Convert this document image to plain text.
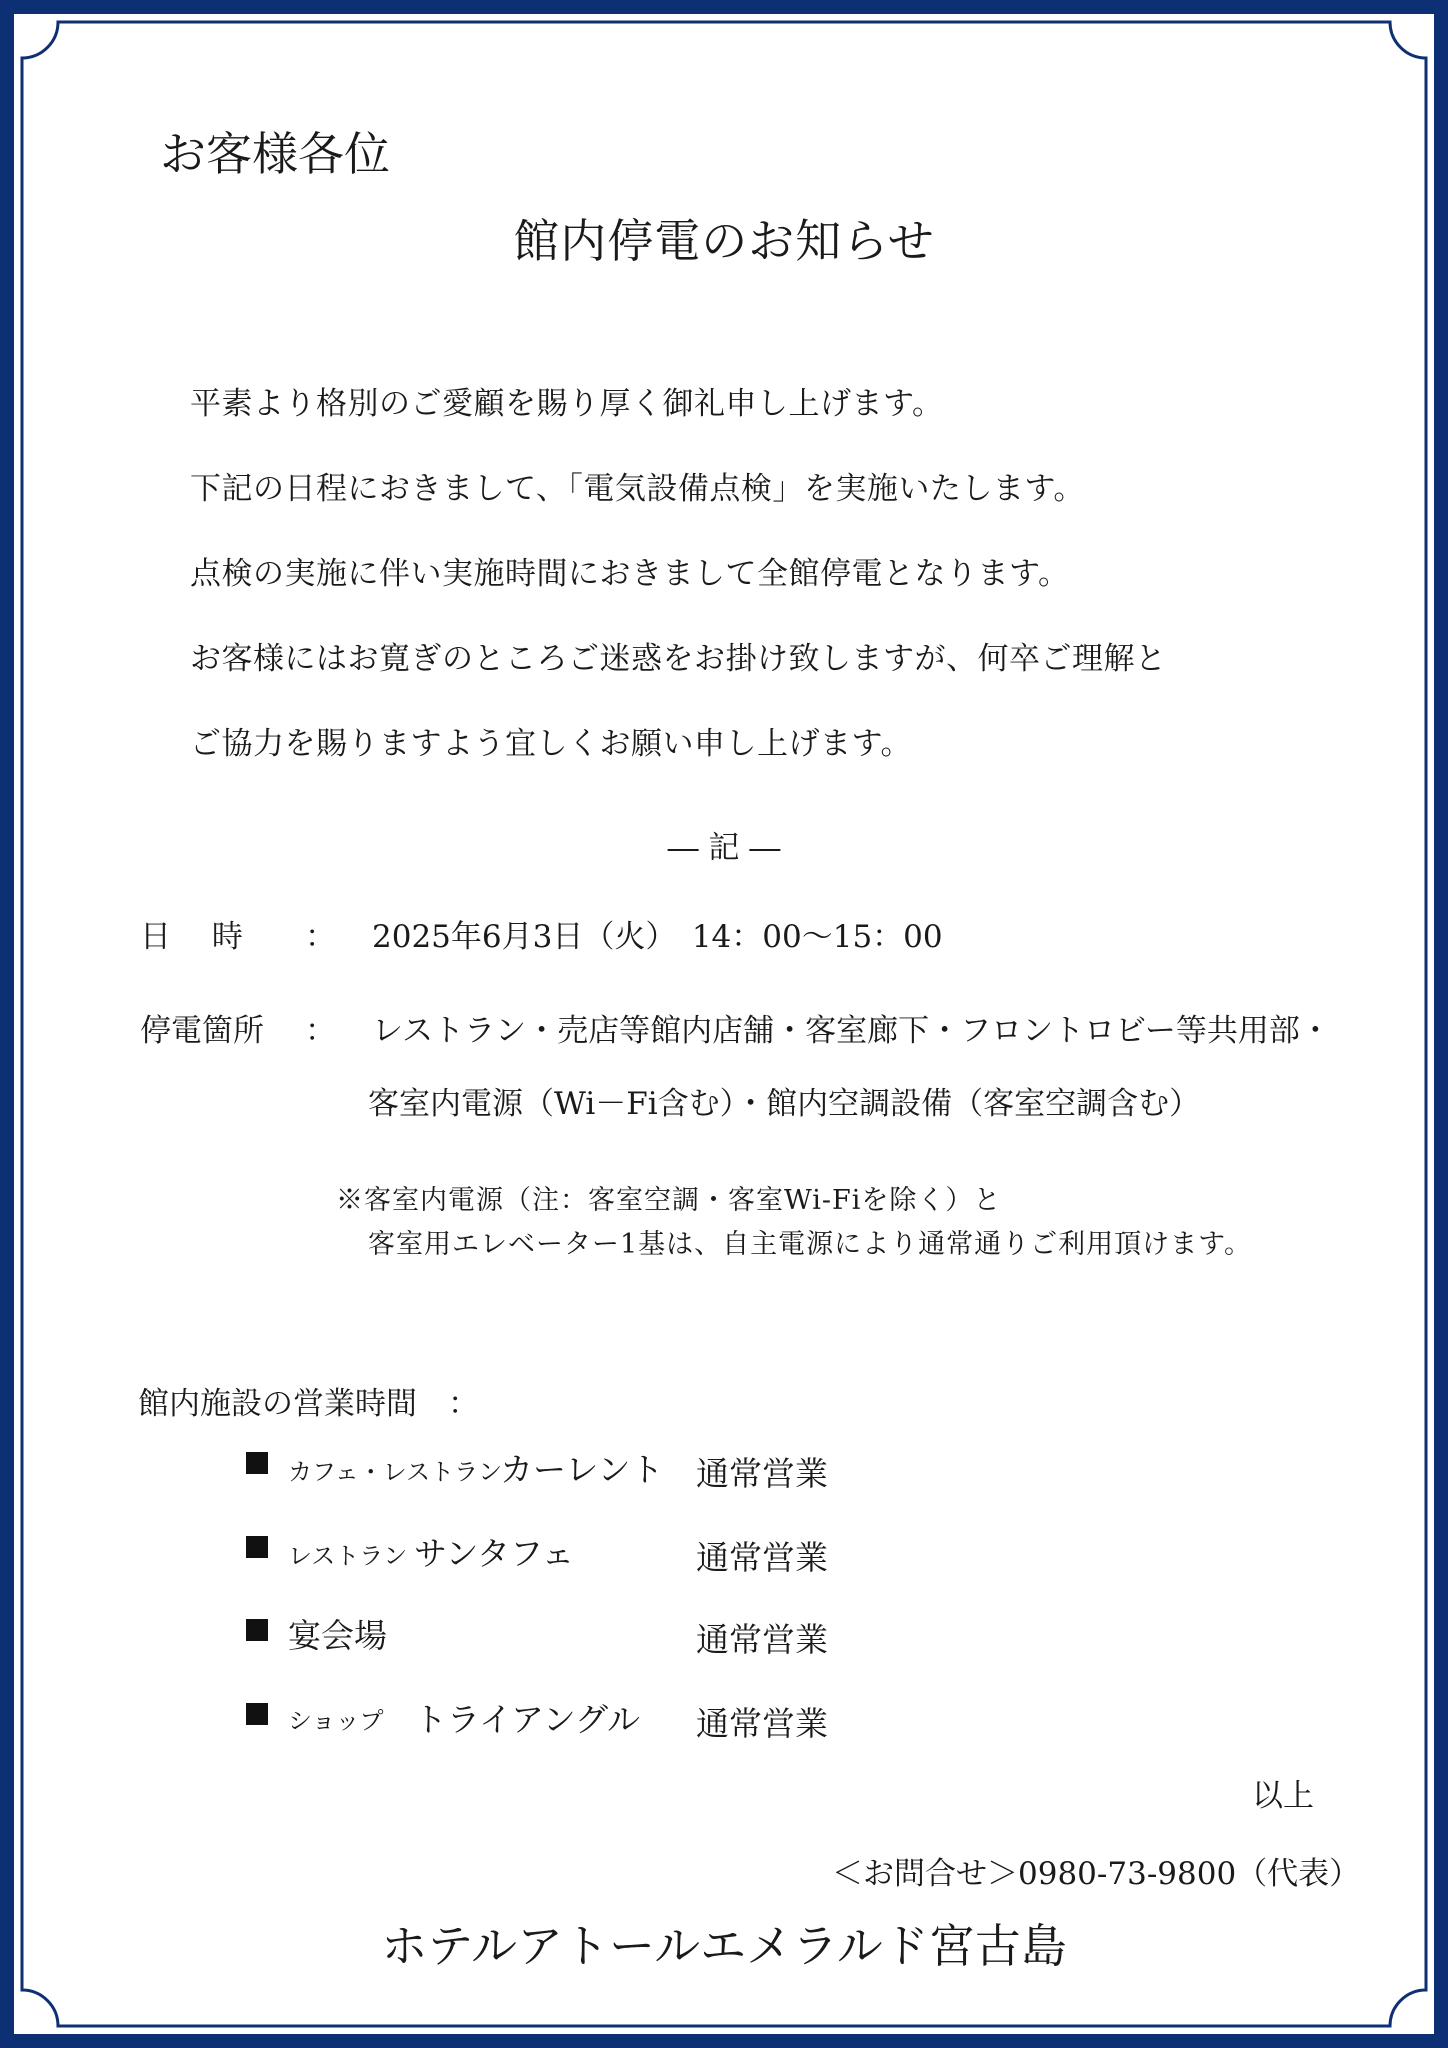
お客様各位
館内停電のお知らせ
平素より格別のご愛顧を賜り厚く御礼申し上げます。
下記の日程におきまして、「電気設備点検」を実施いたします。
点検の実施に伴い実施時間におきまして全館停電となります。
お客様にはお寛ぎのところご迷惑をお掛け致しますが、何卒ご理解と
ご協力を賜りますよう宜しくお願い申し上げます。
― 記 ―
日　 時 ： 2025年6月3日（火）　14：00〜15：00
停電箇所 ： レストラン・売店等館内店舗・客室廊下・フロントロビー等共用部・
客室内電源（Wi－Fi含む）・館内空調設備（客室空調含む）
※客室内電源（注：客室空調・客室Wi-Fiを除く）と
客室用エレベーター1基は、自主電源により通常通りご利用頂けます。
館内施設の営業時間　：
カフェ・レストラン
カーレント 通常営業
レストラン サンタフェ	通常営業
宴会場	通常営業
ショップ トライアングル 通常営業
以上
＜お問合せ＞0980-73-9800（代表）
ホテルアトールエメラルド宮古島
